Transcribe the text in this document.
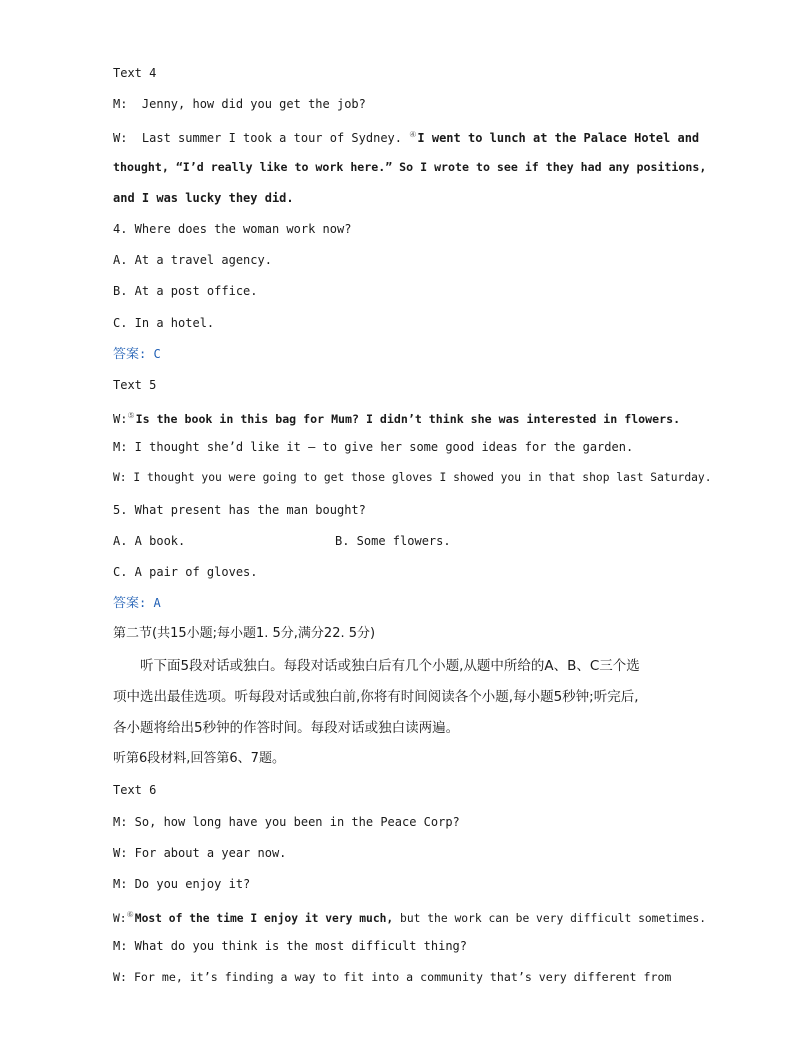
Text 4
M:  Jenny, how did you get the job?
W:  Last summer I took a tour of Sydney. ④I went to lunch at the Palace Hotel and
thought, “I’d really like to work here.” So I wrote to see if they had any positions,
and I was lucky they did.
4. Where does the woman work now?
A. At a travel agency.
B. At a post office.
C. In a hotel.
答案: C
Text 5
W:⑤Is the book in this bag for Mum? I didn’t think she was interested in flowers.
M: I thought she’d like it — to give her some good ideas for the garden.
W: I thought you were going to get those gloves I showed you in that shop last Saturday.
5. What present has the man bought?
A. A book.	B. Some flowers.
C. A pair of gloves.
答案: A
第二节(共15小题;每小题1. 5分,满分22. 5分)
听下面5段对话或独白。每段对话或独白后有几个小题,从题中所给的A、B、C三个选
项中选出最佳选项。听每段对话或独白前,你将有时间阅读各个小题,每小题5秒钟;听完后,
各小题将给出5秒钟的作答时间。每段对话或独白读两遍。
听第6段材料,回答第6、7题。
Text 6
M: So, how long have you been in the Peace Corp?
W: For about a year now.
M: Do you enjoy it?
W:⑥Most of the time I enjoy it very much, but the work can be very difficult sometimes.
M: What do you think is the most difficult thing?
W: For me, it’s finding a way to fit into a community that’s very different from
